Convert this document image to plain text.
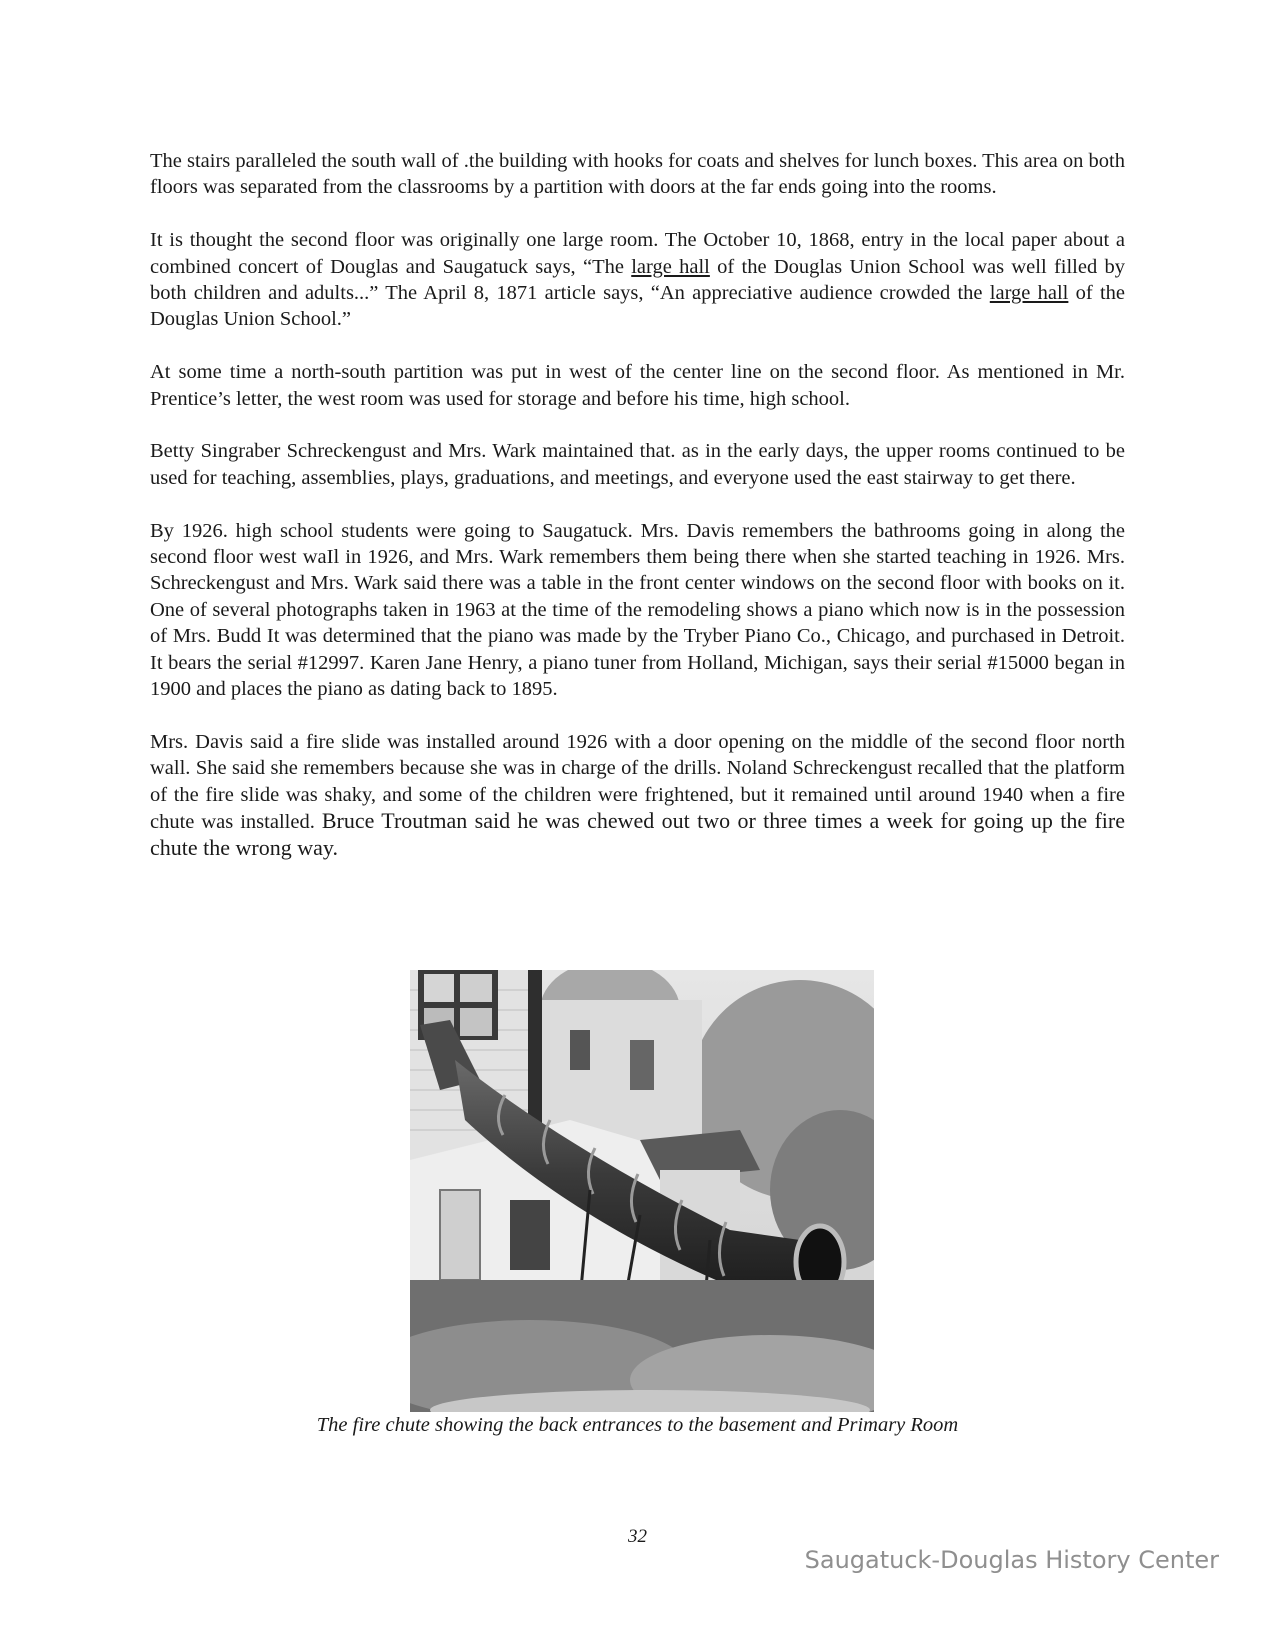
The stairs paralleled the south wall of .the building with hooks for coats and shelves for lunch boxes. This area on both floors was separated from the classrooms by a partition with doors at the far ends going into the rooms.

It is thought the second floor was originally one large room. The October 10, 1868, entry in the local paper about a combined concert of Douglas and Saugatuck says, “The large hall of the Douglas Union School was well filled by both children and adults...” The April 8, 1871 article says, “An appreciative audience crowded the large hall of the Douglas Union School.”

At some time a north-south partition was put in west of the center line on the second floor. As mentioned in Mr. Prentice’s letter, the west room was used for storage and before his time, high school.

Betty Singraber Schreckengust and Mrs. Wark maintained that. as in the early days, the upper rooms continued to be used for teaching, assemblies, plays, graduations, and meetings, and everyone used the east stairway to get there.

By 1926. high school students were going to Saugatuck. Mrs. Davis remembers the bathrooms going in along the second floor west waIl in 1926, and Mrs. Wark remembers them being there when she started teaching in 1926. Mrs. Schreckengust and Mrs. Wark said there was a table in the front center windows on the second floor with books on it. One of several photographs taken in 1963 at the time of the remodeling shows a piano which now is in the possession of Mrs. Budd It was determined that the piano was made by the Tryber Piano Co., Chicago, and purchased in Detroit. It bears the serial #12997. Karen Jane Henry, a piano tuner from Holland, Michigan, says their serial #15000 began in 1900 and places the piano as dating back to 1895.

Mrs. Davis said a fire slide was installed around 1926 with a door opening on the middle of the second floor north wall. She said she remembers because she was in charge of the drills. Noland Schreckengust recalled that the platform of the fire slide was shaky, and some of the children were frightened, but it remained until around 1940 when a fire chute was installed. Bruce Troutman said he was chewed out two or three times a week for going up the fire chute the wrong way.

The fire chute showing the back entrances to the basement and Primary Room
32
Saugatuck-Douglas History Center
